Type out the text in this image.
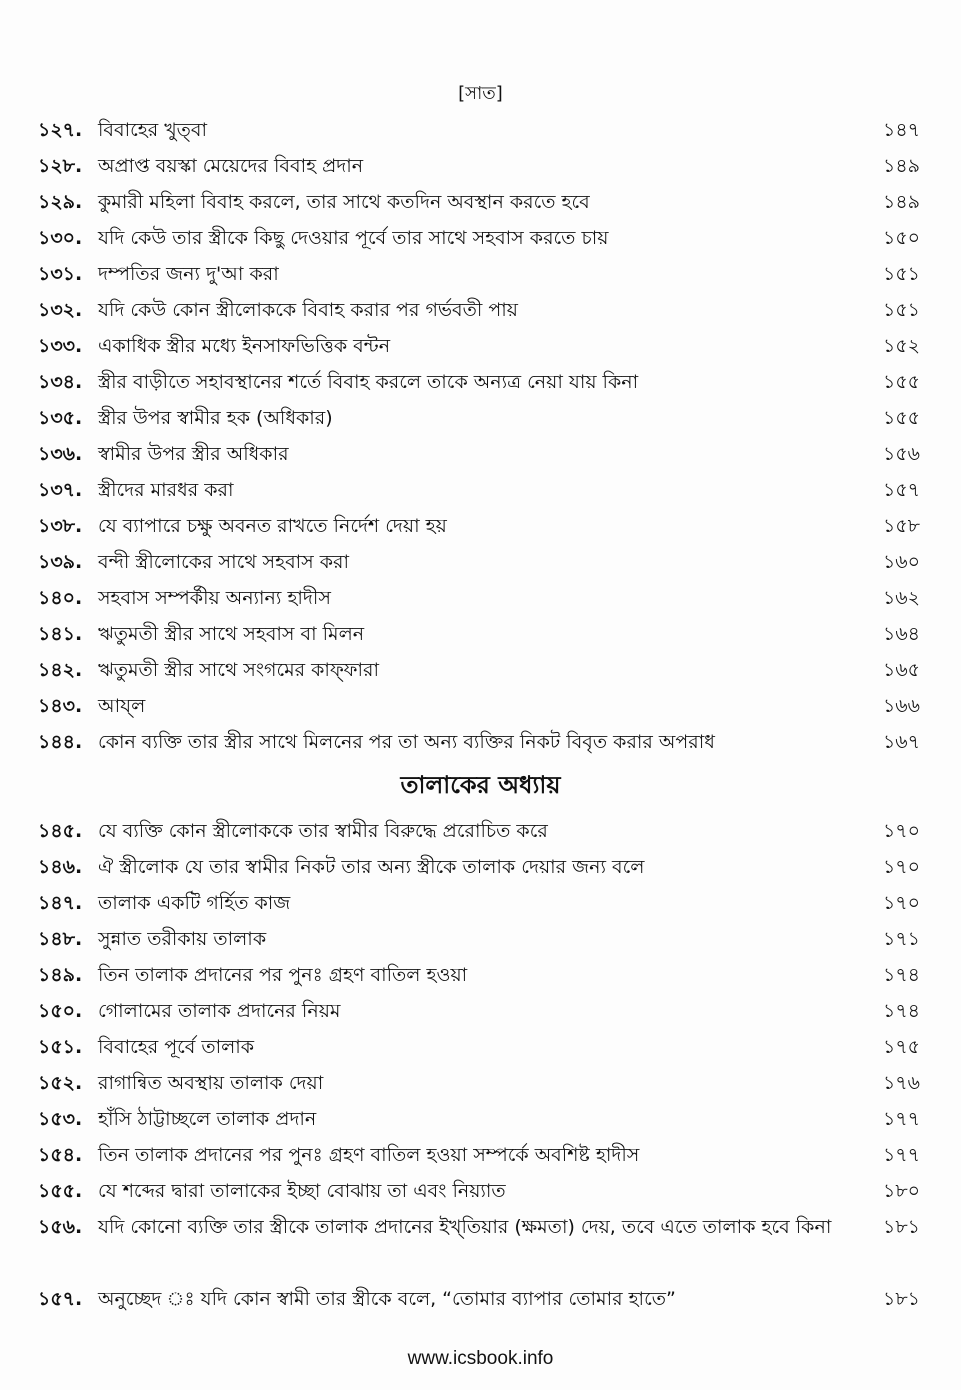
[সাত]
১২৭. বিবাহের খুত্‌বা	১৪৭
১২৮. অপ্রাপ্ত বয়স্কা মেয়েদের বিবাহ প্রদান	১৪৯
১২৯. কুমারী মহিলা বিবাহ করলে, তার সাথে কতদিন অবস্থান করতে হবে	১৪৯
১৩০. যদি কেউ তার স্ত্রীকে কিছু দেওয়ার পূর্বে তার সাথে সহবাস করতে চায়	১৫০
১৩১. দম্পতির জন্য দু'আ করা	১৫১
১৩২. যদি কেউ কোন স্ত্রীলোককে বিবাহ করার পর গর্ভবতী পায়	১৫১
১৩৩. একাধিক স্ত্রীর মধ্যে ইনসাফভিত্তিক বন্টন	১৫২
১৩৪. স্ত্রীর বাড়ীতে সহাবস্থানের শর্তে বিবাহ করলে তাকে অন্যত্র নেয়া যায় কিনা	১৫৫
১৩৫. স্ত্রীর উপর স্বামীর হক (অধিকার)	১৫৫
১৩৬. স্বামীর উপর স্ত্রীর অধিকার	১৫৬
১৩৭. স্ত্রীদের মারধর করা	১৫৭
১৩৮. যে ব্যাপারে চক্ষু অবনত রাখতে নির্দেশ দেয়া হয়	১৫৮
১৩৯. বন্দী স্ত্রীলোকের সাথে সহবাস করা	১৬০
১৪০. সহবাস সম্পর্কীয় অন্যান্য হাদীস	১৬২
১৪১. ঋতুমতী স্ত্রীর সাথে সহবাস বা মিলন	১৬৪
১৪২. ঋতুমতী স্ত্রীর সাথে সংগমের কাফ্‌ফারা	১৬৫
১৪৩. আয্‌ল	১৬৬
১৪৪. কোন ব্যক্তি তার স্ত্রীর সাথে মিলনের পর তা অন্য ব্যক্তির নিকট বিবৃত করার অপরাধ	১৬৭
তালাকের অধ্যায়
১৪৫. যে ব্যক্তি কোন স্ত্রীলোককে তার স্বামীর বিরুদ্ধে প্ররোচিত করে	১৭০
১৪৬. ঐ স্ত্রীলোক যে তার স্বামীর নিকট তার অন্য স্ত্রীকে তালাক দেয়ার জন্য বলে	১৭০
১৪৭. তালাক একটি গর্হিত কাজ	১৭০
১৪৮. সুন্নাত তরীকায় তালাক	১৭১
১৪৯. তিন তালাক প্রদানের পর পুনঃ গ্রহণ বাতিল হওয়া	১৭৪
১৫০. গোলামের তালাক প্রদানের নিয়ম	১৭৪
১৫১. বিবাহের পূর্বে তালাক	১৭৫
১৫২. রাগান্বিত অবস্থায় তালাক দেয়া	১৭৬
১৫৩. হাঁসি ঠাট্টাচ্ছলে তালাক প্রদান	১৭৭
১৫৪. তিন তালাক প্রদানের পর পুনঃ গ্রহণ বাতিল হওয়া সম্পর্কে অবশিষ্ট হাদীস	১৭৭
১৫৫. যে শব্দের দ্বারা তালাকের ইচ্ছা বোঝায় তা এবং নিয়্যাত	১৮০
১৫৬. যদি কোনো ব্যক্তি তার স্ত্রীকে তালাক প্রদানের ইখ্‌তিয়ার (ক্ষমতা) দেয়, তবে এতে তালাক হবে কিনা	১৮১
১৫৭. অনুচ্ছেদ ঃ যদি কোন স্বামী তার স্ত্রীকে বলে, “তোমার ব্যাপার তোমার হাতে”	১৮১
www.icsbook.info
